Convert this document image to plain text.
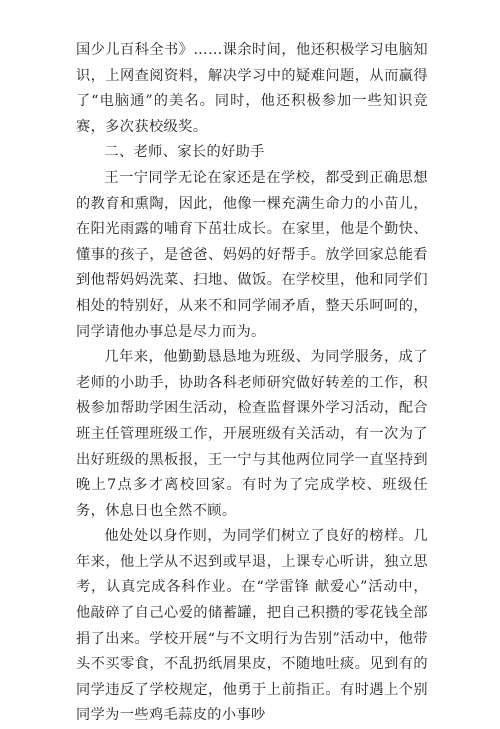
国少儿百科全书》……课余时间，他还积极学习电脑知识，上网查阅资料，解决学习中的疑难问题，从而赢得了“电脑通”的美名。同时，他还积极参加一些知识竞赛，多次获校级奖。

二、老师、家长的好助手

王一宁同学无论在家还是在学校，都受到正确思想的教育和熏陶，因此，他像一棵充满生命力的小苗儿，在阳光雨露的哺育下茁壮成长。在家里，他是个勤快、懂事的孩子，是爸爸、妈妈的好帮手。放学回家总能看到他帮妈妈洗菜、扫地、做饭。在学校里，他和同学们相处的特别好，从来不和同学闹矛盾，整天乐呵呵的，同学请他办事总是尽力而为。

几年来，他勤勤恳恳地为班级、为同学服务，成了老师的小助手，协助各科老师研究做好转差的工作，积极参加帮助学困生活动，检查监督课外学习活动，配合班主任管理班级工作，开展班级有关活动，有一次为了出好班级的黑板报，王一宁与其他两位同学一直坚持到晚上7点多才离校回家。有时为了完成学校、班级任务，休息日也全然不顾。

他处处以身作则，为同学们树立了良好的榜样。几年来，他上学从不迟到或早退，上课专心听讲，独立思考，认真完成各科作业。在“学雷锋 献爱心”活动中，他敲碎了自己心爱的储蓄罐，把自己积攒的零花钱全部捐了出来。学校开展“与不文明行为告别”活动中，他带头不买零食，不乱扔纸屑果皮，不随地吐痰。见到有的同学违反了学校规定，他勇于上前指正。有时遇上个别同学为一些鸡毛蒜皮的小事吵
